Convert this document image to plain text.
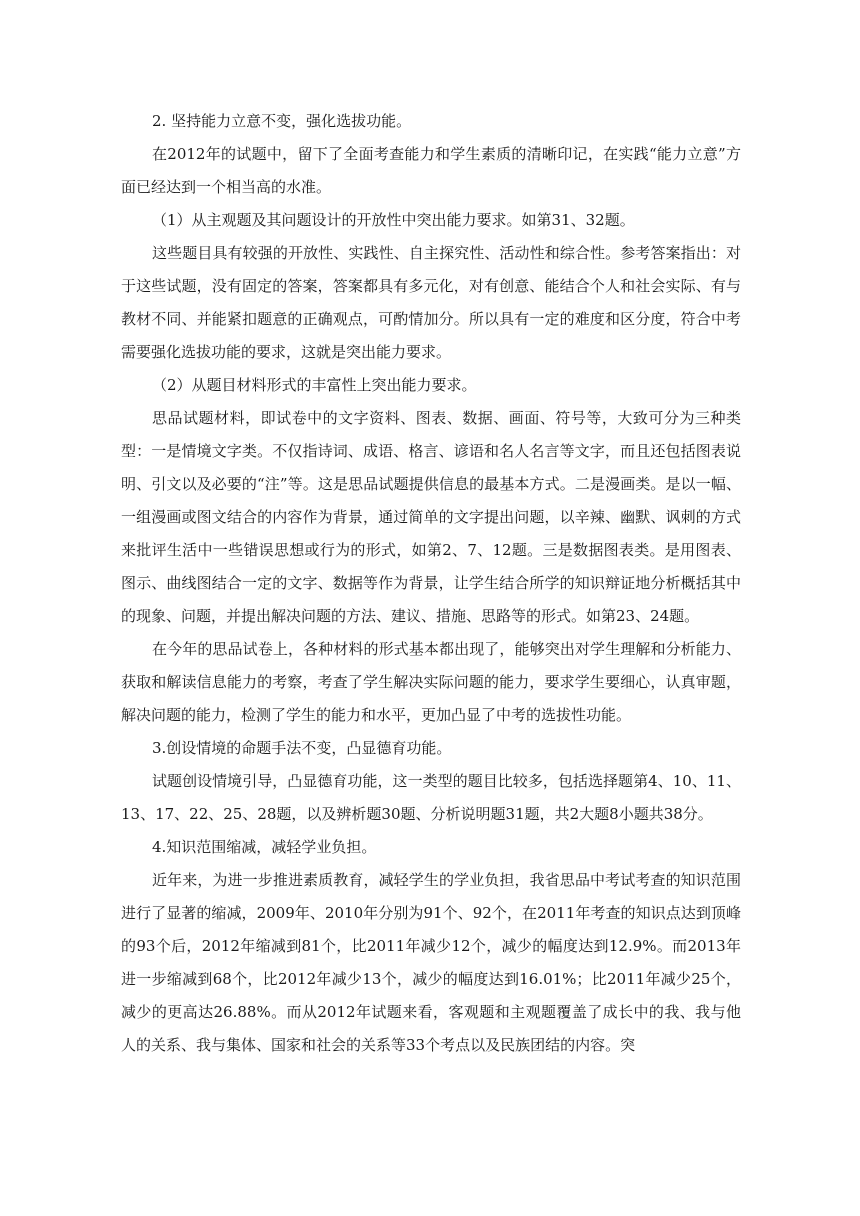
2. 坚持能力立意不变，强化选拔功能。

在2012年的试题中，留下了全面考查能力和学生素质的清晰印记，在实践“能力立意”方面已经达到一个相当高的水准。

（1）从主观题及其问题设计的开放性中突出能力要求。如第31、32题。

这些题目具有较强的开放性、实践性、自主探究性、活动性和综合性。参考答案指出：对于这些试题，没有固定的答案，答案都具有多元化，对有创意、能结合个人和社会实际、有与教材不同、并能紧扣题意的正确观点，可酌情加分。所以具有一定的难度和区分度，符合中考需要强化选拔功能的要求，这就是突出能力要求。

（2）从题目材料形式的丰富性上突出能力要求。

思品试题材料，即试卷中的文字资料、图表、数据、画面、符号等，大致可分为三种类型：一是情境文字类。不仅指诗词、成语、格言、谚语和名人名言等文字，而且还包括图表说明、引文以及必要的“注”等。这是思品试题提供信息的最基本方式。二是漫画类。是以一幅、一组漫画或图文结合的内容作为背景，通过简单的文字提出问题，以辛辣、幽默、讽刺的方式来批评生活中一些错误思想或行为的形式，如第2、7、12题。三是数据图表类。是用图表、图示、曲线图结合一定的文字、数据等作为背景，让学生结合所学的知识辩证地分析概括其中的现象、问题，并提出解决问题的方法、建议、措施、思路等的形式。如第23、24题。

在今年的思品试卷上，各种材料的形式基本都出现了，能够突出对学生理解和分析能力、获取和解读信息能力的考察，考查了学生解决实际问题的能力，要求学生要细心，认真审题，解决问题的能力，检测了学生的能力和水平，更加凸显了中考的选拔性功能。

3.创设情境的命题手法不变，凸显德育功能。

试题创设情境引导，凸显德育功能，这一类型的题目比较多，包括选择题第4、10、11、13、17、22、25、28题，以及辨析题30题、分析说明题31题，共2大题8小题共38分。

4.知识范围缩减，减轻学业负担。

近年来，为进一步推进素质教育，减轻学生的学业负担，我省思品中考试考查的知识范围进行了显著的缩减，2009年、2010年分别为91个、92个，在2011年考查的知识点达到顶峰的93个后，2012年缩减到81个，比2011年减少12个，减少的幅度达到12.9%。而2013年进一步缩减到68个，比2012年减少13个，减少的幅度达到16.01%；比2011年减少25个，减少的更高达26.88%。而从2012年试题来看，客观题和主观题覆盖了成长中的我、我与他人的关系、我与集体、国家和社会的关系等33个考点以及民族团结的内容。突
